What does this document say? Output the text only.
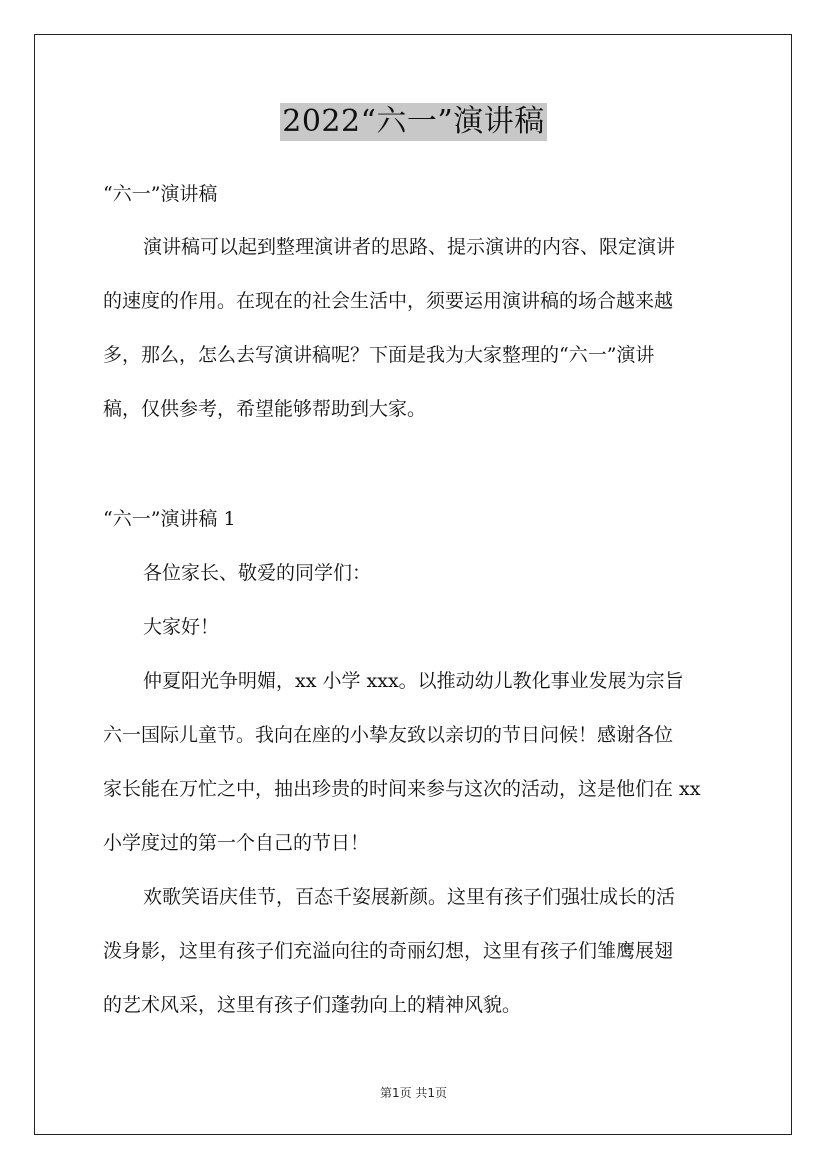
2022“六一”演讲稿
“六一”演讲稿
演讲稿可以起到整理演讲者的思路、提示演讲的内容、限定演讲
的速度的作用。在现在的社会生活中，须要运用演讲稿的场合越来越
多，那么，怎么去写演讲稿呢？下面是我为大家整理的“六一”演讲
稿，仅供参考，希望能够帮助到大家。
“六一”演讲稿 1
各位家长、敬爱的同学们：
大家好！
仲夏阳光争明媚，xx 小学 xxx。以推动幼儿教化事业发展为宗旨
六一国际儿童节。我向在座的小挚友致以亲切的节日问候！感谢各位
家长能在万忙之中，抽出珍贵的时间来参与这次的活动，这是他们在 xx
小学度过的第一个自己的节日！
欢歌笑语庆佳节，百态千姿展新颜。这里有孩子们强壮成长的活
泼身影，这里有孩子们充溢向往的奇丽幻想，这里有孩子们雏鹰展翅
的艺术风采，这里有孩子们蓬勃向上的精神风貌。
第1页 共1页
